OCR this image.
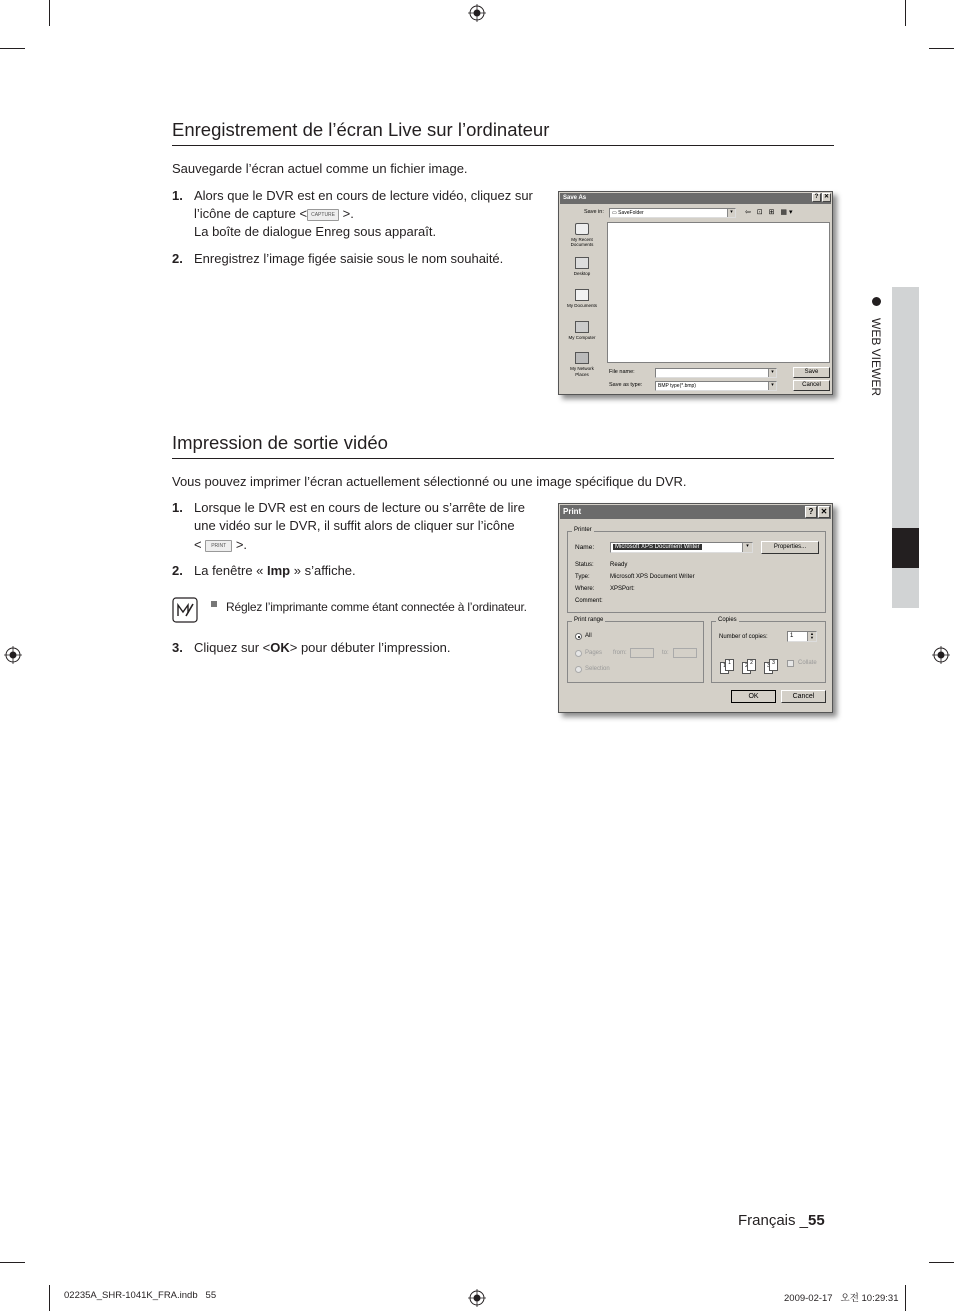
WEB VIEWER
Enregistrement de l’écran Live sur l’ordinateur
Sauvegarde l’écran actuel comme un fichier image.
1. Alors que le DVR est en cours de lecture vidéo, cliquez sur
l’icône de capture < CAPTURE >.
La boîte de dialogue Enreg sous apparaît.
2. Enregistrez l’image figée saisie sous le nom souhaité.
Save As	? ✕
Save in:	▭ SaveFolder	▾	⇦ ⊡ ⊞ ▦▾
My Recent Documents
Desktop
My Documents
My Computer
My Network Places	File name:	▾	Save
Save as type:	BMP type(*.bmp)	▾	Cancel
Impression de sortie vidéo
Vous pouvez imprimer l’écran actuellement sélectionné ou une image spécifique du DVR.
1. Lorsque le DVR est en cours de lecture ou s’arrête de lire
une vidéo sur le DVR, il suffit alors de cliquer sur l’icône
< PRINT >.
2. La fenêtre « Imp » s’affiche.
Réglez l’imprimante comme étant connectée à l’ordinateur.
3. Cliquez sur <OK> pour débuter l’impression.
Print	? ✕
Printer
Name:	Microsoft XPS Document Writer	▾	Properties...
Status:	Ready
Type:	Microsoft XPS Document Writer
Where:	XPSPort:
Comment:
Print range
All
Pages from:	to:
Selection
Copies
Number of copies:	1	▲
▼
1	2	3	Collate
OK	Cancel
Français _55
02235A_SHR-1041K_FRA.indb   55	2009-02-17   오전 10:29:31
